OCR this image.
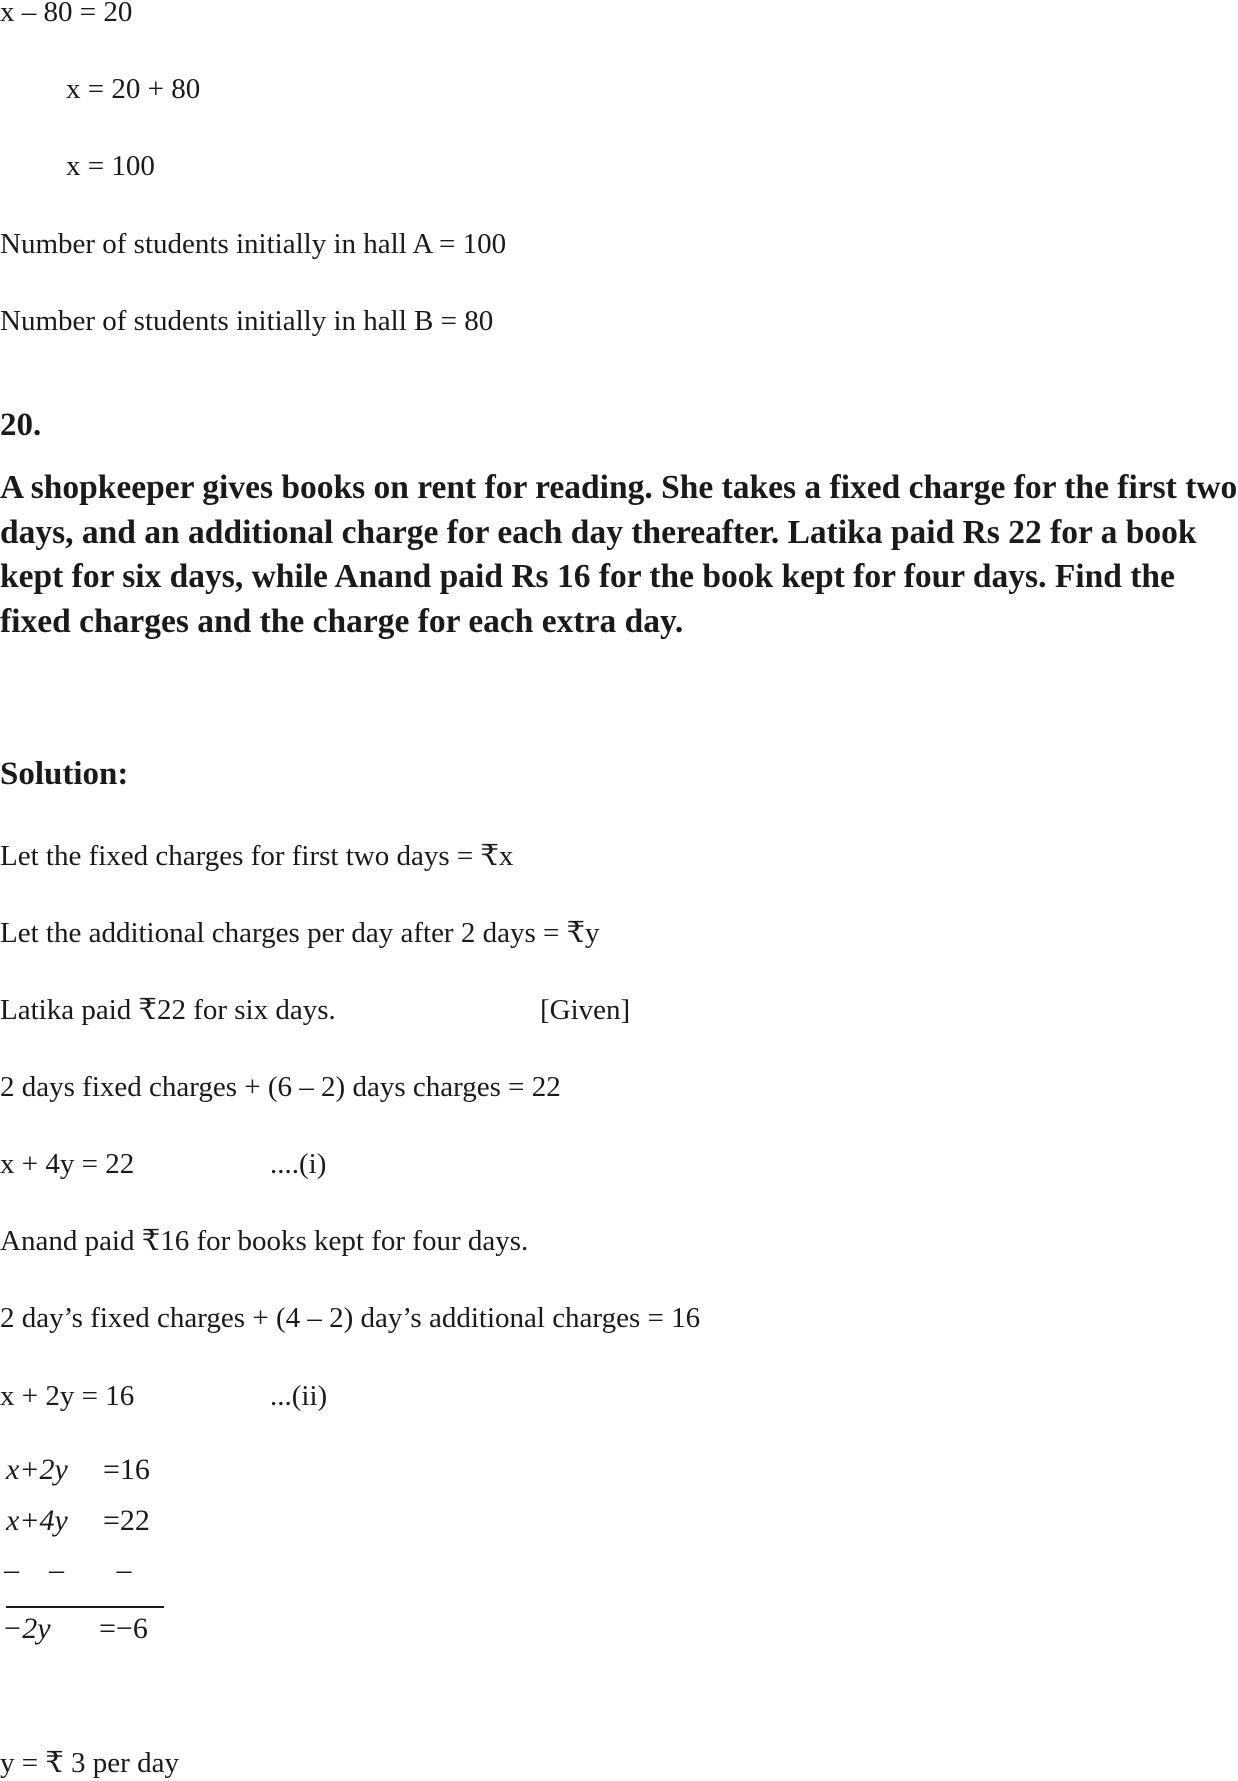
x – 80 = 20
x = 20 + 80
x = 100
Number of students initially in hall A = 100
Number of students initially in hall B = 80
20.
A shopkeeper gives books on rent for reading. She takes a fixed charge for the first two days, and an additional charge for each day thereafter. Latika paid Rs 22 for a book kept for six days, while Anand paid Rs 16 for the book kept for four days. Find the fixed charges and the charge for each extra day.
Solution:
Let the fixed charges for first two days = ₹x
Let the additional charges per day after 2 days = ₹y
Latika paid ₹22 for six days.	[Given]
2 days fixed charges + (6 – 2) days charges = 22
x + 4y = 22	....(i)
Anand paid ₹16 for books kept for four days.
2 day’s fixed charges + (4 – 2) day’s additional charges = 16
x + 2y = 16	...(ii)
x+2y =16
x+4y =22
–    –       –
−2y =−6
y = ₹ 3 per day
